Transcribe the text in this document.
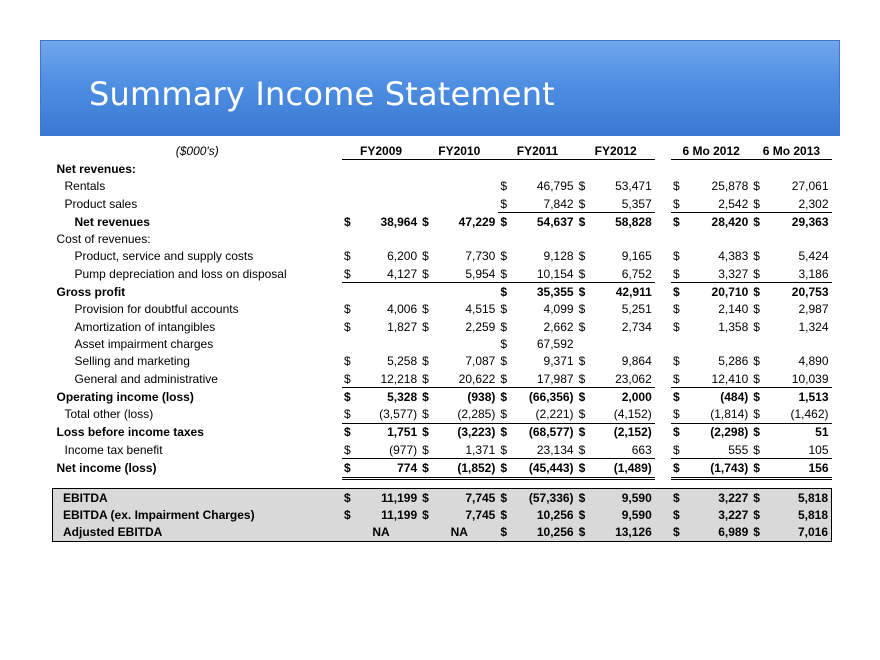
Summary Income Statement
($000's)	FY2009		FY2010		FY2011		FY2012			6 Mo 2012		6 Mo 2013	
Net revenues:													
Rentals					$	46,795	$	53,471		$	25,878	$	27,061
Product sales					$	7,842	$	5,357		$	2,542	$	2,302
Net revenues	$	38,964	$	47,229	$	54,637	$	58,828		$	28,420	$	29,363
Cost of revenues:													
Product, service and supply costs	$	6,200	$	7,730	$	9,128	$	9,165		$	4,383	$	5,424
Pump depreciation and loss on disposal	$	4,127	$	5,954	$	10,154	$	6,752		$	3,327	$	3,186
Gross profit					$	35,355	$	42,911		$	20,710	$	20,753
Provision for doubtful accounts	$	4,006	$	4,515	$	4,099	$	5,251		$	2,140	$	2,987
Amortization of intangibles	$	1,827	$	2,259	$	2,662	$	2,734		$	1,358	$	1,324
Asset impairment charges					$	67,592							
Selling and marketing	$	5,258	$	7,087	$	9,371	$	9,864		$	5,286	$	4,890
General and administrative	$	12,218	$	20,622	$	17,987	$	23,062		$	12,410	$	10,039
Operating income (loss)	$	5,328	$	(938)	$	(66,356)	$	2,000		$	(484)	$	1,513
Total other (loss)	$	(3,577)	$	(2,285)	$	(2,221)	$	(4,152)		$	(1,814)	$	(1,462)
Loss before income taxes	$	1,751	$	(3,223)	$	(68,577)	$	(2,152)		$	(2,298)	$	51
Income tax benefit	$	(977)	$	1,371	$	23,134	$	663		$	555	$	105
Net income (loss)	$	774	$	(1,852)	$	(45,443)	$	(1,489)		$	(1,743)	$	156

EBITDA	$	11,199	$	7,745	$	(57,336)	$	9,590		$	3,227	$	5,818
EBITDA (ex. Impairment Charges)	$	11,199	$	7,745	$	10,256	$	9,590		$	3,227	$	5,818
Adjusted EBITDA	NA		NA		$	10,256	$	13,126		$	6,989	$	7,016
